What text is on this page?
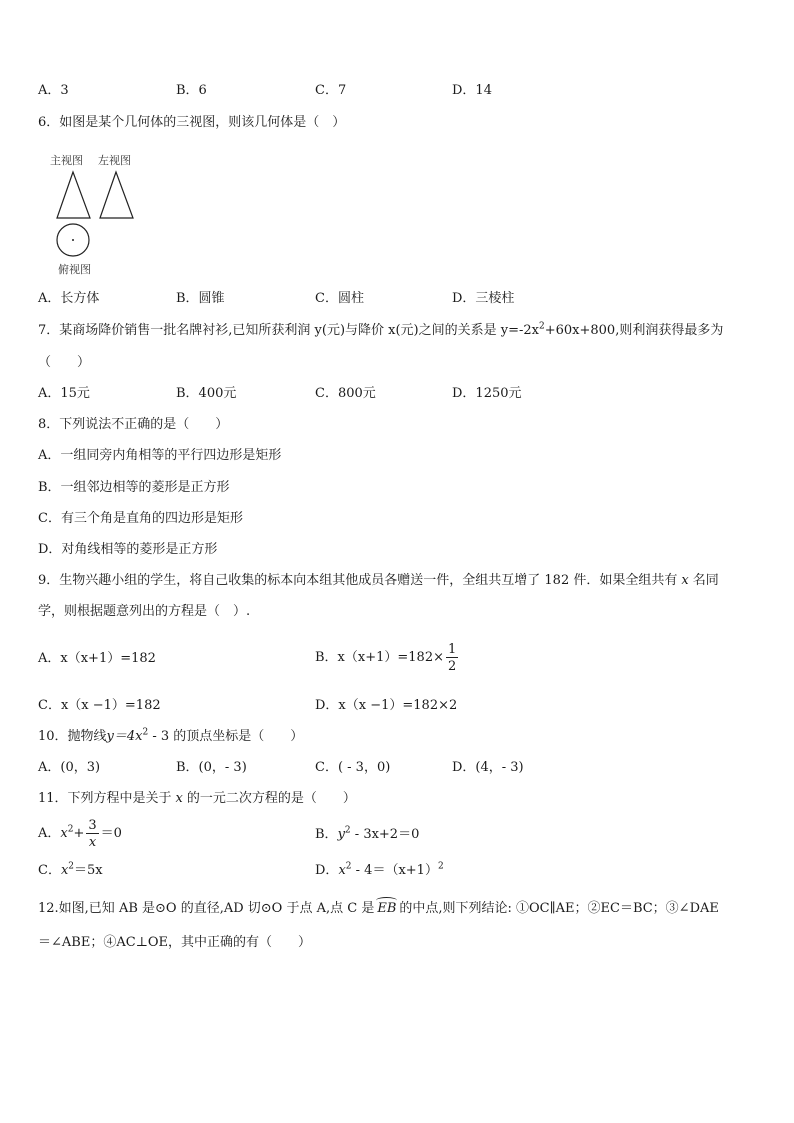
A．3	B．6	C．7	D．14
6．如图是某个几何体的三视图，则该几何体是（　）
主视图 左视图
俯视图
A．长方体	B．圆锥	C．圆柱	D．三棱柱
7．某商场降价销售一批名牌衬衫,已知所获利润 y(元)与降价 x(元)之间的关系是 $y=-2x^2+60x+800$,则利润获得最多为
（　　）
A．15元	B．400元	C．800元	D．1250元
8．下列说法不正确的是（　　）
A．一组同旁内角相等的平行四边形是矩形
B．一组邻边相等的菱形是正方形
C．有三个角是直角的四边形是矩形
D．对角线相等的菱形是正方形
9．生物兴趣小组的学生，将自己收集的标本向本组其他成员各赠送一件，全组共互增了 182 件．如果全组共有 x 名同
学，则根据题意列出的方程是（　）.
A．x（x+1）=182	B．$x(x+1)=182\times \frac{1}{2}$
C．x（x −1）=182	D．x（x −1）=182×2
10．抛物线$y=4x^2 - 3$ 的顶点坐标是（　　）
A．(0，3)	B．(0，- 3)	C．( - 3，0)	D．(4，- 3)
11．下列方程中是关于 x 的一元二次方程的是（　　）
A．$x^2+ \frac{3}{x} =0$	B．$y^2 - 3x+2=0$
C．$x^2=5x$	D．$x^2 - 4=(x+1)^2$
12.如图,已知 AB 是⊙O 的直径,AD 切⊙O 于点 A,点 C 是 EB 的中点,则下列结论: ①OC∥AE；②EC＝BC；③∠DAE
＝∠ABE；④AC⊥OE，其中正确的有（　　）
